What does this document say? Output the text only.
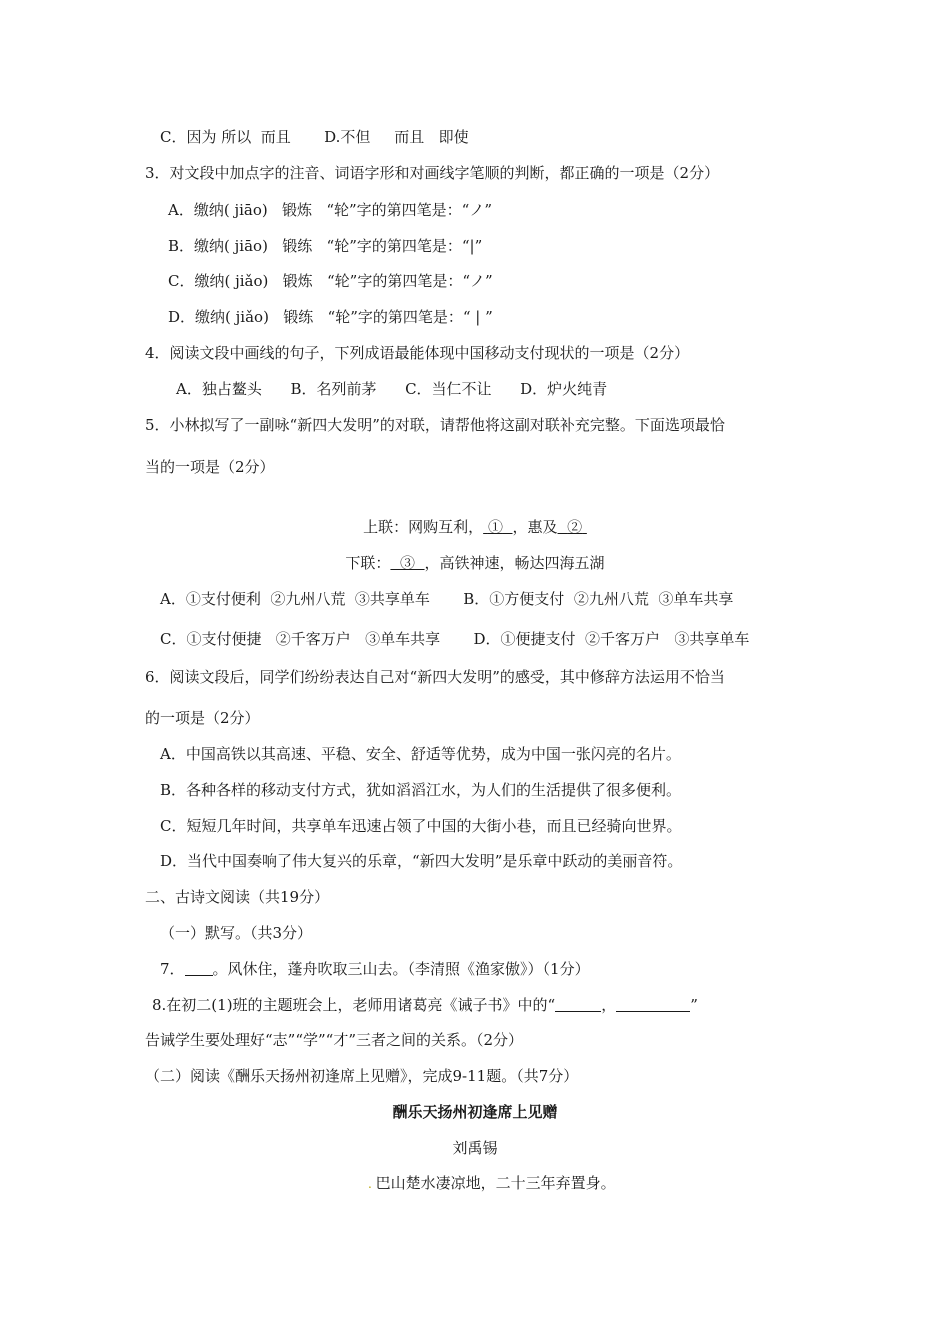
C．因为 所以  而且       D.不但     而且   即使
3．对文段中加点字的注音、词语字形和对画线字笔顺的判断，都正确的一项是（2分）
A．缴纳( jiāo)   锻炼   “轮”字的第四笔是：“ノ”
B．缴纳( jiāo)   锻练   “轮”字的第四笔是：“|”
C．缴纳( jiǎo)   锻炼   “轮”字的第四笔是：“ノ”
D．缴纳( jiǎo)   锻练   “轮”字的第四笔是：“ | ”
4．阅读文段中画线的句子，下列成语最能体现中国移动支付现状的一项是（2分）
A．独占鳌头      B．名列前茅      C．当仁不让      D．炉火纯青
5．小林拟写了一副咏“新四大发明”的对联，请帮他将这副对联补充完整。下面选项最恰
当的一项是（2分）
上联：网购互利， ① ，惠及 ②
下联： ③ ，高铁神速，畅达四海五湖
A．①支付便利  ②九州八荒  ③共享单车       B．①方便支付  ②九州八荒  ③单车共享
C．①支付便捷   ②千客万户   ③单车共享       D．①便捷支付  ②千客万户   ③共享单车
6．阅读文段后，同学们纷纷表达自己对“新四大发明”的感受，其中修辞方法运用不恰当
的一项是（2分）
A．中国高铁以其高速、平稳、安全、舒适等优势，成为中国一张闪亮的名片。
B．各种各样的移动支付方式，犹如滔滔江水，为人们的生活提供了很多便利。
C．短短几年时间，共享单车迅速占领了中国的大街小巷，而且已经骑向世界。
D．当代中国奏响了伟大复兴的乐章，“新四大发明”是乐章中跃动的美丽音符。
二、古诗文阅读（共19分）
（一）默写。（共3分）
7． 。风休住，蓬舟吹取三山去。（李清照《渔家傲》）（1分）
8.在初二(1)班的主题班会上，老师用诸葛亮《诫子书》中的“	，	”
告诫学生要处理好“志”“学”“才”三者之间的关系。（2分）
（二）阅读《酬乐天扬州初逢席上见赠》，完成9-11题。（共7分）
酬乐天扬州初逢席上见赠
刘禹锡
. 巴山楚水凄凉地，二十三年弃置身。
